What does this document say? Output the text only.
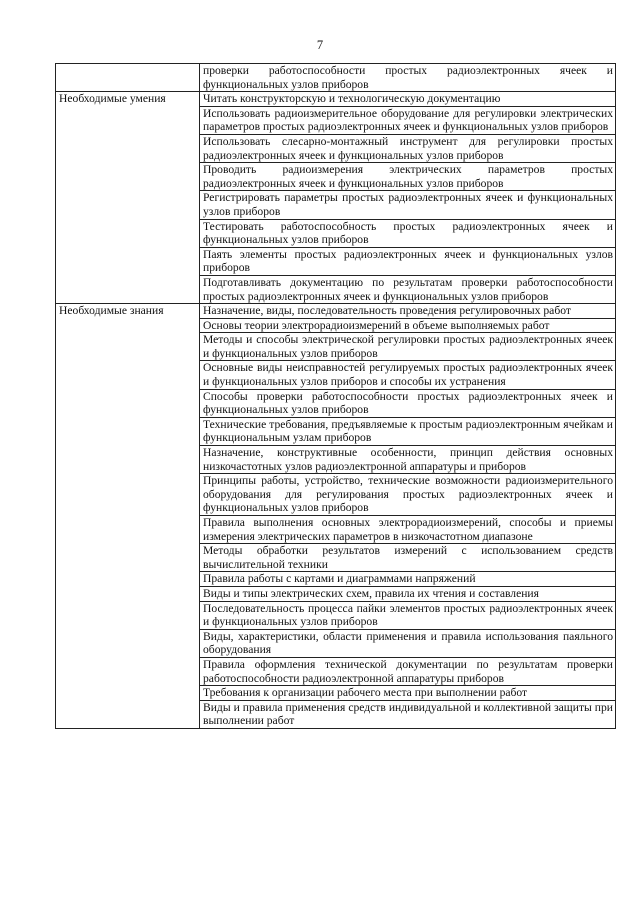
7
	проверки работоспособности простых радиоэлектронных ячеек и функциональных узлов приборов
Необходимые умения	Читать конструкторскую и технологическую документацию
	Использовать радиоизмерительное оборудование для регулировки электрических параметров простых радиоэлектронных ячеек и функциональных узлов приборов
	Использовать слесарно-монтажный инструмент для регулировки простых радиоэлектронных ячеек и функциональных узлов приборов
	Проводить радиоизмерения электрических параметров простых радиоэлектронных ячеек и функциональных узлов приборов
	Регистрировать параметры простых радиоэлектронных ячеек и функциональных узлов приборов
	Тестировать работоспособность простых радиоэлектронных ячеек и функциональных узлов приборов
	Паять элементы простых радиоэлектронных ячеек и функциональных узлов приборов
	Подготавливать документацию по результатам проверки работоспособности простых радиоэлектронных ячеек и функциональных узлов приборов
Необходимые знания	Назначение, виды, последовательность проведения регулировочных работ
	Основы теории электрорадиоизмерений в объеме выполняемых работ
	Методы и способы электрической регулировки простых радиоэлектронных ячеек и функциональных узлов приборов
	Основные виды неисправностей регулируемых простых радиоэлектронных ячеек и функциональных узлов приборов и способы их устранения
	Способы проверки работоспособности простых радиоэлектронных ячеек и функциональных узлов приборов
	Технические требования, предъявляемые к простым радиоэлектронным ячейкам и функциональным узлам приборов
	Назначение, конструктивные особенности, принцип действия основных низкочастотных узлов радиоэлектронной аппаратуры и приборов
	Принципы работы, устройство, технические возможности радиоизмерительного оборудования для регулирования простых радиоэлектронных ячеек и функциональных узлов приборов
	Правила выполнения основных электрорадиоизмерений, способы и приемы измерения электрических параметров в низкочастотном диапазоне
	Методы обработки результатов измерений с использованием средств вычислительной техники
	Правила работы с картами и диаграммами напряжений
	Виды и типы электрических схем, правила их чтения и составления
	Последовательность процесса пайки элементов простых радиоэлектронных ячеек и функциональных узлов приборов
	Виды, характеристики, области применения и правила использования паяльного оборудования
	Правила оформления технической документации по результатам проверки работоспособности радиоэлектронной аппаратуры приборов
	Требования к организации рабочего места при выполнении работ
	Виды и правила применения средств индивидуальной и коллективной защиты при выполнении работ
